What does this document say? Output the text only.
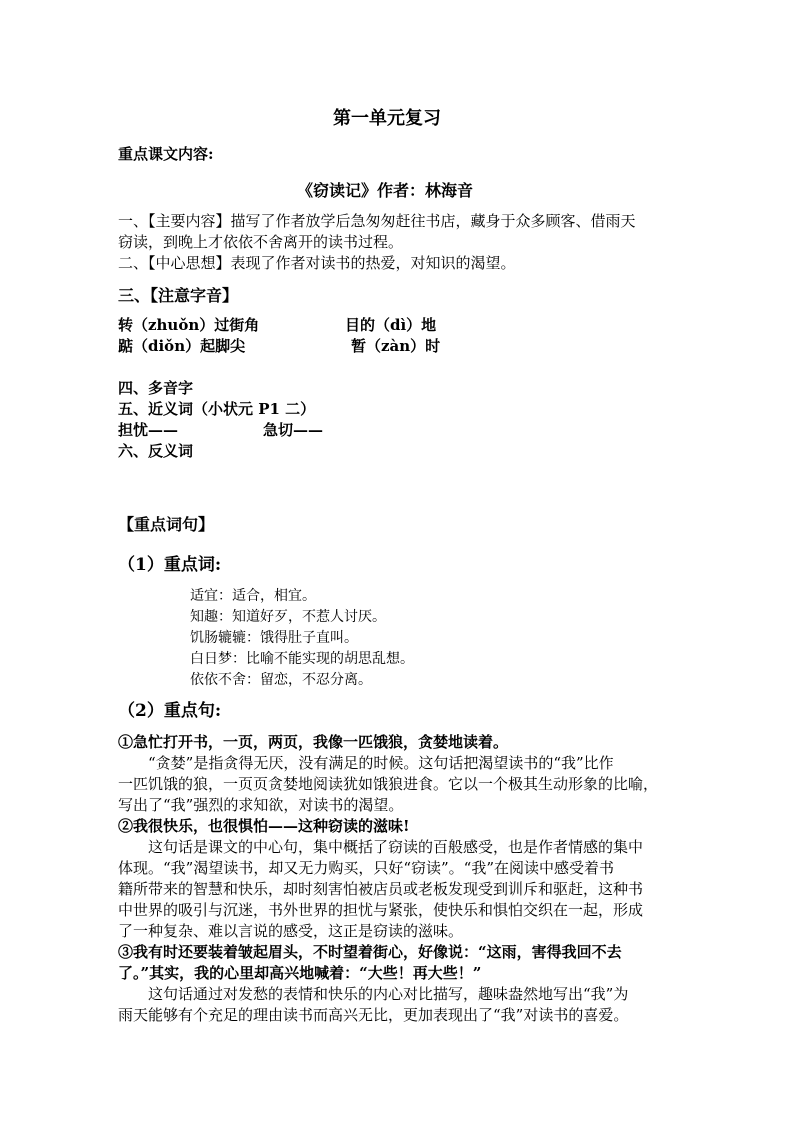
第一单元复习
重点课文内容:
《窃读记》作者：林海音
一、【主要内容】描写了作者放学后急匆匆赶往书店，藏身于众多顾客、借雨天
窃读，到晚上才依依不舍离开的读书过程。
二、【中心思想】表现了作者对读书的热爱，对知识的渴望。
三、【注意字音】
转（zhuǒn）过街角	目的（dì）地
踮（diǒn）起脚尖	暂（zàn）时
四、多音字
五、近义词（小状元 P1 二）
担忧——	急切——
六、反义词
【重点词句】
（1）重点词:
适宜：适合，相宜。
知趣：知道好歹，不惹人讨厌。
饥肠辘辘：饿得肚子直叫。
白日梦：比喻不能实现的胡思乱想。
依依不舍：留恋，不忍分离。
（2）重点句:
①急忙打开书，一页，两页，我像一匹饿狼，贪婪地读着。
“贪婪”是指贪得无厌，没有满足的时候。这句话把渴望读书的“我”比作
一匹饥饿的狼，一页页贪婪地阅读犹如饿狼进食。它以一个极其生动形象的比喻，
写出了“我”强烈的求知欲，对读书的渴望。
②我很快乐，也很惧怕——这种窃读的滋味!
这句话是课文的中心句，集中概括了窃读的百般感受，也是作者情感的集中
体现。“我”渴望读书，却又无力购买，只好“窃读”。“我”在阅读中感受着书
籍所带来的智慧和快乐，却时刻害怕被店员或老板发现受到训斥和驱赶，这种书
中世界的吸引与沉迷，书外世界的担忧与紧张，使快乐和惧怕交织在一起，形成
了一种复杂、难以言说的感受，这正是窃读的滋味。
③我有时还要装着皱起眉头，不时望着街心，好像说：“这雨，害得我回不去
了。”其实，我的心里却高兴地喊着：“大些！再大些！”
这句话通过对发愁的表情和快乐的内心对比描写，趣味盎然地写出“我”为
雨天能够有个充足的理由读书而高兴无比，更加表现出了“我”对读书的喜爱。
